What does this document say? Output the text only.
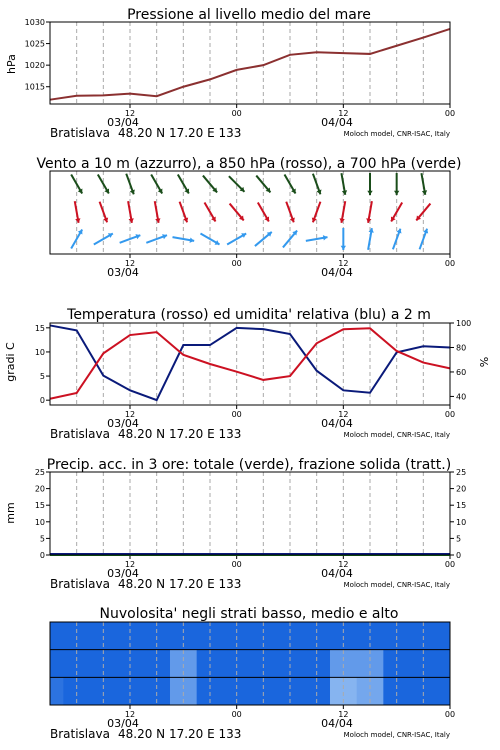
Pressione al livello medio del mare
hPa
12	00	12	00
03/04	04/04
Bratislava 48.20 N 17.20 E 133	Moloch model, CNR-ISAC, Italy
1015
1020
1025
1030
Vento a 10 m (azzurro), a 850 hPa (rosso), a 700 hPa (verde)
12	00	12	00
03/04	04/04
Temperatura (rosso) ed umidita' relativa (blu) a 2 m
gradi C	%
12	00	12	00
03/04	04/04
Bratislava 48.20 N 17.20 E 133	Moloch model, CNR-ISAC, Italy
0
5
10
15
40
60
80
100
Precip. acc. in 3 ore: totale (verde), frazione solida (tratt.)
mm
12	00	12	00
03/04	04/04
Bratislava 48.20 N 17.20 E 133	Moloch model, CNR-ISAC, Italy
0
5
10
15
20
25
0
5
10
15
20
25
Nuvolosita' negli strati basso, medio e alto
12	00	12	00
03/04	04/04
Bratislava 48.20 N 17.20 E 133	Moloch model, CNR-ISAC, Italy
